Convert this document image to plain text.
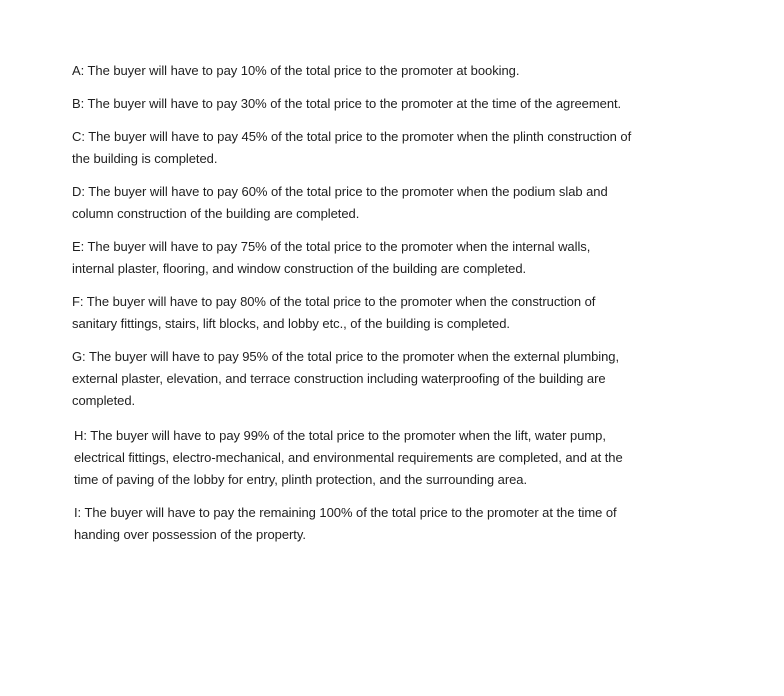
A: The buyer will have to pay 10% of the total price to the promoter at booking.

B: The buyer will have to pay 30% of the total price to the promoter at the time of the agreement.

C: The buyer will have to pay 45% of the total price to the promoter when the plinth construction of the building is completed.

D: The buyer will have to pay 60% of the total price to the promoter when the podium slab and column construction of the building are completed.

E: The buyer will have to pay 75% of the total price to the promoter when the internal walls, internal plaster, flooring, and window construction of the building are completed.

F: The buyer will have to pay 80% of the total price to the promoter when the construction of sanitary fittings, stairs, lift blocks, and lobby etc., of the building is completed.

G: The buyer will have to pay 95% of the total price to the promoter when the external plumbing, external plaster, elevation, and terrace construction including waterproofing of the building are completed.

H: The buyer will have to pay 99% of the total price to the promoter when the lift, water pump, electrical fittings, electro-mechanical, and environmental requirements are completed, and at the time of paving of the lobby for entry, plinth protection, and the surrounding area.

I: The buyer will have to pay the remaining 100% of the total price to the promoter at the time of handing over possession of the property.
